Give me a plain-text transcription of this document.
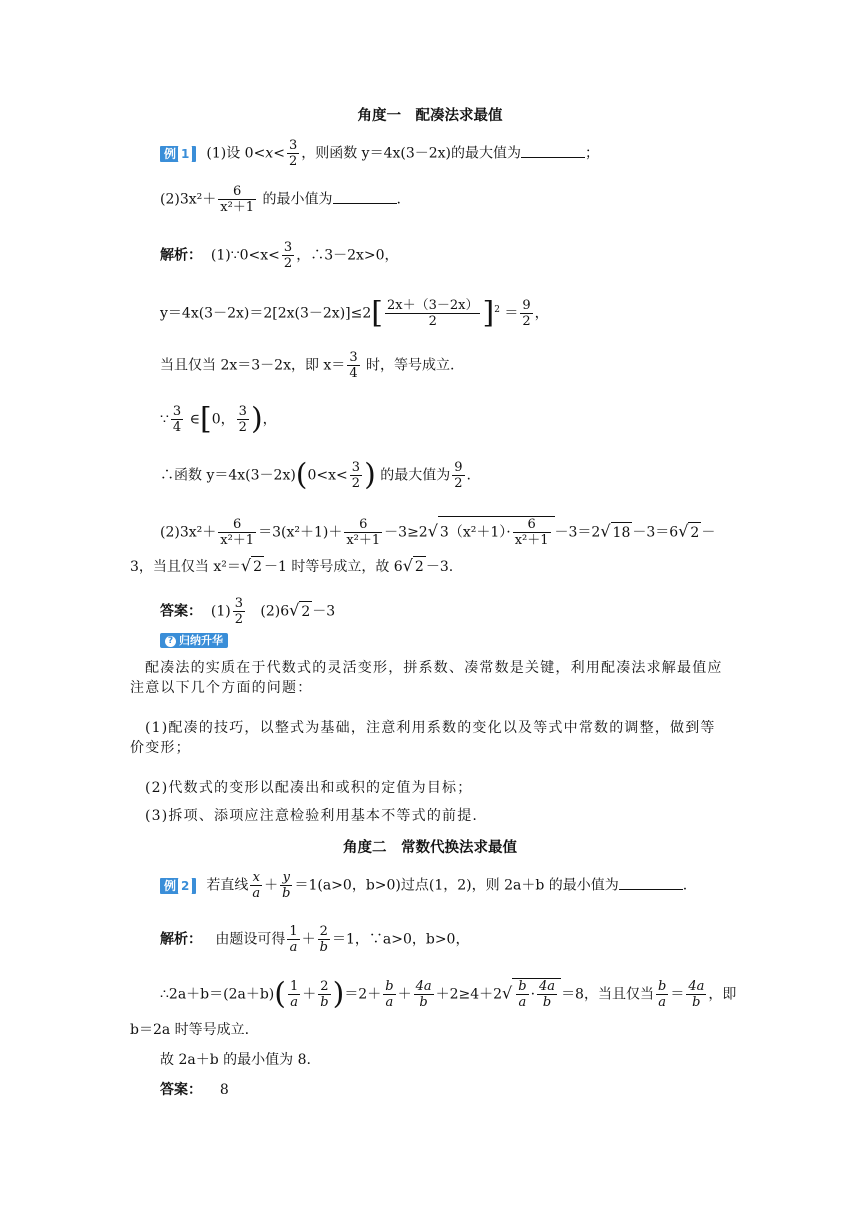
角度一　配凑法求最值
例 1 (1)设 $0<x< \frac{3}{2}$ ，则函数 y＝4x(3－2x)的最大值为	；
$(2)3x^2+ \frac{6}{\text{x²＋1}}$ 的最小值为	.
解析： (1)∵0<x< $\frac{3}{2}$ ，∴3－2x>0，
$y=4x(3-2x)=2[2x(3-2x)]\le 2[ \frac{2x+(3-2x)}{2} ]^2 = \frac{9}{2}$ ，
当且仅当 2x＝3－2x，即 $x= \frac{3}{4}$ 时，等号成立.
∵ $\frac{3}{4}$ ∈[0， $\frac{3}{2}$ )，
∴函数 $y=4x(3-2x)(0<x< \frac{3}{2}$ ) 的最大值为 $\frac{9}{2}$ .
$(2)3x^2+ \frac{6}{\text{x²＋1}} =3(x^2+1)+ \frac{6}{\text{x²＋1}} -3\ge 2√$ $3(x^2+1)\cdot \frac{6}{\text{x²＋1}} -3=2√$ 18 －3＝6√ 2 －
3，当且仅当 x²＝√ 2 －1 时等号成立，故 6√ 2 －3.
答案： $(1) \frac{3}{2} (2)6√$ 2 －3
? 归纳升华
配凑法的实质在于代数式的灵活变形，拼系数、凑常数是关键，利用配凑法求解最值应注意以下几个方面的问题：
(1)配凑的技巧，以整式为基础，注意利用系数的变化以及等式中常数的调整，做到等价变形；
(2)代数式的变形以配凑出和或积的定值为目标；
(3)拆项、添项应注意检验利用基本不等式的前提.
角度二　常数代换法求最值
例 2 若直线 $\frac{x}{a} + \frac{y}{b} =1(a>0$，b>0)过点(1，2)，则 2a＋b 的最小值为	.
解析： 由题设可得 $\frac{1}{a} + \frac{2}{b} =1$，∵a>0，b>0，
∴2a＋b＝(2a＋b)( $\frac{1}{a} + \frac{2}{b} )=2+ \frac{b}{a} + \frac{4a}{b} +2\ge 4+2√ \frac{b}{a} \cdot \frac{4a}{b} =8$，当且仅当 $\frac{b}{a} = \frac{4a}{b}$ ，即
b＝2a 时等号成立.
故 2a＋b 的最小值为 8.
答案： 8
